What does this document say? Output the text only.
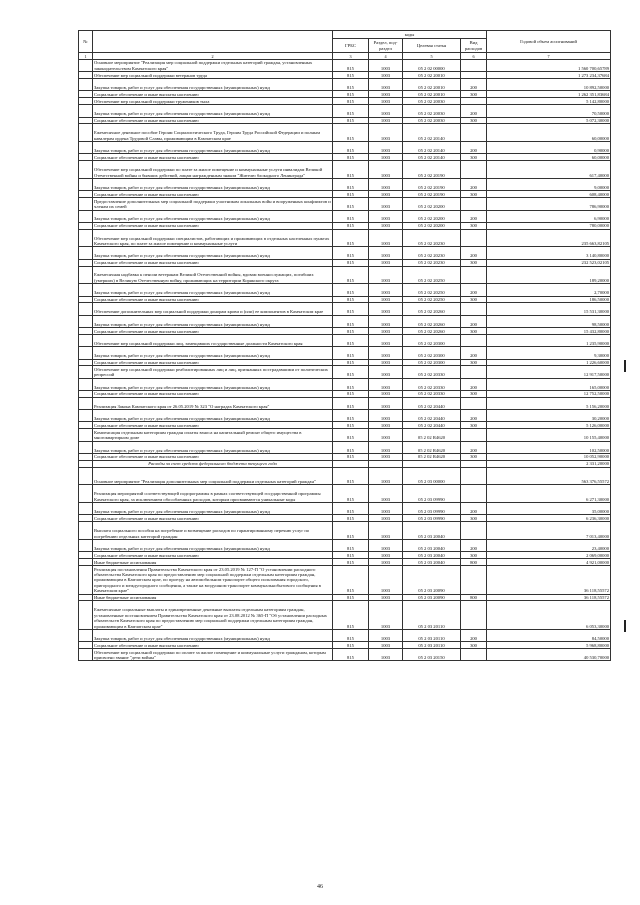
№		коды				Годовой объем ассигнований
		ГРБС	Раздел, под-раздел	Целевая статья	Вид расходов	
1	2	3	4	5	6	7
	Основное мероприятие "Реализация мер социальной поддержки отдельных категорий граждан, установленных законодательством Камчатского края"	815	1003	05 2 02 00000		1 560 700,65789
	Обеспечение мер социальной поддержки ветеранов труда	815	1003	05 2 02 20010		1 273 234,37684
	Закупка товаров, работ и услуг для обеспечения государственных (муниципальных) нужд	815	1003	05 2 02 20010	200	10 892,50000
	Социальное обеспечение и иные выплаты населению	815	1003	05 2 02 20010	300	1 262 351,83684
	Обеспечение мер социальной поддержки тружеников тыла	815	1003	05 2 02 20030		5 142,80000
	Закупка товаров, работ и услуг для обеспечения государственных (муниципальных) нужд	815	1003	05 2 02 20030	200	70,50000
	Социальное обеспечение и иные выплаты населению	815	1003	05 2 02 20030	300	5 072,30000
	Ежемесячное денежное пособие Героям Социалистического Труда, Героям Труда Российской Федерации и полным кавалерам ордена Трудовой Славы, проживающим в Камчатском крае	815	1003	05 2 02 20140		60,00000
	Закупка товаров, работ и услуг для обеспечения государственных (муниципальных) нужд	815	1003	05 2 02 20140	200	0,90000
	Социальное обеспечение и иные выплаты населению	815	1003	05 2 02 20140	300	60,00000
	Обеспечение мер социальной поддержки по плате за жилое помещение и коммунальные услуги инвалидам Великой Отечественной войны и бывших действий, лицам награжденным знаком "Жителю блокадного Ленинграда"	815	1003	05 2 02 20190		617,40000
	Закупка товаров, работ и услуг для обеспечения государственных (муниципальных) нужд	815	1003	05 2 02 20190	200	9,00000
	Социальное обеспечение и иные выплаты населению	815	1003	05 2 02 20190	300	608,40000
	Предоставление дополнительных мер социальной поддержки участникам локальных войн и вооруженных конфликтов и членам их семей	815	1003	05 2 02 20200		786,90000
	Закупка товаров, работ и услуг для обеспечения государственных (муниципальных) нужд	815	1003	05 2 02 20200	200	6,90000
	Социальное обеспечение и иные выплаты населению	815	1003	05 2 02 20200	300	780,00000
	Обеспечение мер социальной поддержки специалистов, работающих и проживающих в отдельных населенных пунктах Камчатского края, по плате за жилое помещение и коммунальные услуги	815	1003	05 2 02 20230		235 663,82105
	Закупка товаров, работ и услуг для обеспечения государственных (муниципальных) нужд	815	1003	05 2 02 20230	200	3 140,80000
	Социальное обеспечение и иные выплаты населению	815	1003	05 2 02 20230	300	232 523,02105
	Ежемесячная надбавка к пенсии ветеранам Великой Отечественной войны, вдовам военнослужащих, погибших (умерших) в Великую Отечественную войну, проживающих на территории Корякского округа	815	1003	05 2 02 20250		189,20000
	Закупка товаров, работ и услуг для обеспечения государственных (муниципальных) нужд	815	1003	05 2 02 20250	200	2,70000
	Социальное обеспечение и иные выплаты населению	815	1003	05 2 02 20250	300	186,50000
	Обеспечение дополнительных мер социальной поддержки донорам крови и (или) ее компонентов в Камчатском крае	815	1003	05 2 02 20260		15 531,30000
	Закупка товаров, работ и услуг для обеспечения государственных (муниципальных) нужд	815	1003	05 2 02 20260	200	98,50000
	Социальное обеспечение и иные выплаты населению	815	1003	05 2 02 20260	300	15 432,80000
	Обеспечение мер социальной поддержки лиц, замещавших государственные должности Камчатского края	815	1003	05 2 02 20300		1 235,90000
	Закупка товаров, работ и услуг для обеспечения государственных (муниципальных) нужд	815	1003	05 2 02 20300	200	9,30000
	Социальное обеспечение и иные выплаты населению	815	1003	05 2 02 20300	300	1 226,60000
	Обеспечение мер социальной поддержки реабилитированных лиц и лиц, признанных пострадавшими от политических репрессий	815	1003	05 2 02 20330		12 917,50000
	Закупка товаров, работ и услуг для обеспечения государственных (муниципальных) нужд	815	1003	05 2 02 20330	200	165,00000
	Социальное обеспечение и иные выплаты населению	815	1003	05 2 02 20330	300	12 752,50000
	Реализация Закона Камчатского края от 26.05.2019 № 323 "О наградах Камчатского края"	815	1003	05 2 02 20440		5 156,20000
	Закупка товаров, работ и услуг для обеспечения государственных (муниципальных) нужд	815	1003	05 2 02 20440	200	30,20000
	Социальное обеспечение и иные выплаты населению	815	1003	05 2 02 20440	300	5 126,00000
	Компенсация отдельным категориям граждан оплаты взноса на капитальный ремонт общего имущества в многоквартирном доме	815	1003	05 2 02 R4620		10 155,40000
	Закупка товаров, работ и услуг для обеспечения государственных (муниципальных) нужд	815	1003	05 2 02 R4620	200	102,50000
	Социальное обеспечение и иные выплаты населению	815	1003	05 2 02 R4620	300	10 052,90000
	Расходы за счет средств федерального бюджета текущего года					2 331,20000
	Основное мероприятие "Реализация дополнительных мер социальной поддержки отдельных категорий граждан"	815	1003	05 2 03 00000		563 376,55572
	Реализация мероприятий соответствующей подпрограммы в рамках соответствующей государственной программы Камчатского края, за исключением обособленных расходов, которым присваиваются уникальные коды	815	1003	05 2 03 09990		6 271,30000
	Закупка товаров, работ и услуг для обеспечения государственных (муниципальных) нужд	815	1003	05 2 03 09990	200	35,00000
	Социальное обеспечение и иные выплаты населению	815	1003	05 2 03 09990	300	6 236,30000
	Выплата социального пособия на погребение и возмещение расходов по гарантированному перечню услуг по погребению отдельных категорий граждан	815	1003	05 2 03 20040		7 013,40000
	Закупка товаров, работ и услуг для обеспечения государственных (муниципальных) нужд	815	1003	05 2 03 20040	200	23,40000
	Социальное обеспечение и иные выплаты населению	815	1003	05 2 03 20040	300	2 069,00000
	Иные бюджетные ассигнования	815	1003	05 2 03 20040	800	4 921,00000
	Реализация постановления Правительства Камчатского края от 23.05.2019 № 127-П "О установлении расходного обязательства Камчатского края по предоставлению мер социальной поддержки отдельным категориям граждан, проживающим в Камчатском крае, по проезду на автомобильном транспорте общего пользования городского, пригородного и междугородного сообщения, а также на воздушном транспорте коммунальнобытового сообщения в Камчатском крае"	815	1003	05 2 03 20090		36 118,55572
	Иные бюджетные ассигнования	815	1003	05 2 03 20090	800	36 118,55572
	Ежемесячные социальные выплаты и единовременные денежные выплаты отдельным категориям граждан, установленные постановлением Правительства Камчатского края от 23.08.2012 № 365-П "Об установлении расходных обязательств Камчатского края по предоставлению мер социальной поддержки отдельным категориям граждан, проживающим в Камчатском крае"	815	1003	05 2 03 20110		6 053,30000
	Закупка товаров, работ и услуг для обеспечения государственных (муниципальных) нужд	815	1003	05 2 03 20110	200	84,50000
	Социальное обеспечение и иные выплаты населению	815	1003	05 2 03 20110	300	5 968,80000
	Обеспечение мер социальной поддержки по оплате за жилое помещение и коммунальные услуги гражданам, которым присвоено звание "дети войны"	815	1003	05 2 03 20150		40 530,70000
46
